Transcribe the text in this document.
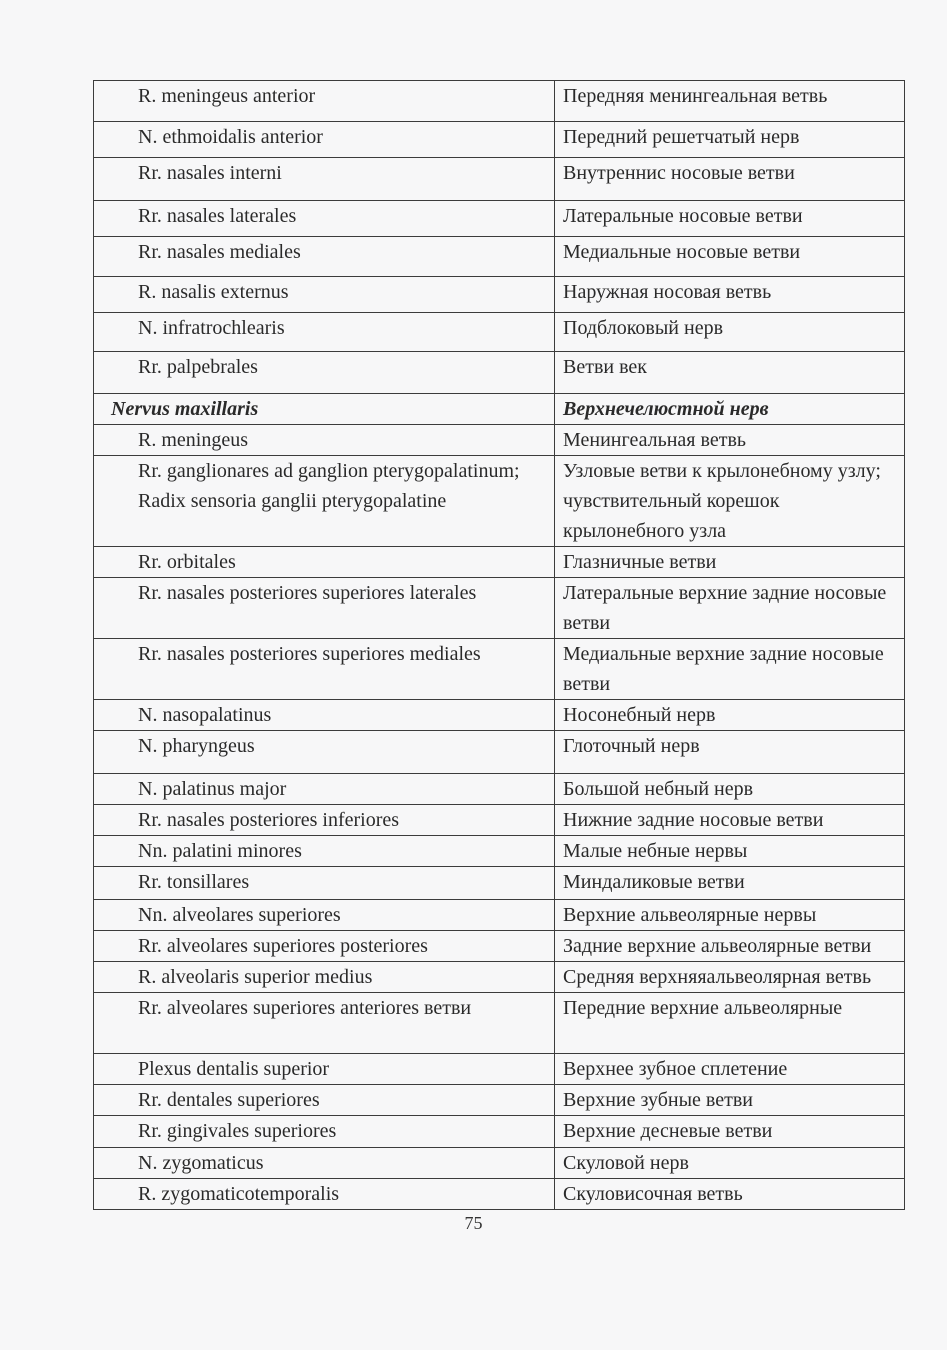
R. meningeus anterior	Передняя менингеальная ветвь
N. ethmoidalis anterior	Передний решетчатый нерв
Rr. nasales interni	Внутреннис носовые ветви
Rr. nasales laterales	Латеральные носовые ветви
Rr. nasales mediales	Медиальные носовые ветви
R. nasalis externus	Наружная носовая ветвь
N. infratrochlearis	Подблоковый нерв
Rr. palpebrales	Ветви век
Nervus maxillaris	Верхнечелюстной нерв
R. meningeus	Менингеальная ветвь
Rr. ganglionares ad ganglion pterygopalatinum;
Radix sensoria ganglii pterygopalatine	Узловые ветви к крылонебному узлу; чувствительный корешок крылонебного узла
Rr. orbitales	Глазничные ветви
Rr. nasales posteriores superiores laterales	Латеральные верхние задние носовые ветви
Rr. nasales posteriores superiores mediales	Медиальные верхние задние носовые ветви
N. nasopalatinus	Носонебный нерв
N. pharyngeus	Глоточный нерв
N. palatinus major	Большой небный нерв
Rr. nasales posteriores inferiores	Нижние задние носовые ветви
Nn. palatini minores	Малые небные нервы
Rr. tonsillares	Миндаликовые ветви
Nn. alveolares superiores	Верхние альвеолярные нервы
Rr. alveolares superiores posteriores	Задние верхние альвеолярные ветви
R. alveolaris superior medius	Средняя верхняяальвеолярная ветвь
Rr. alveolares superiores anteriores ветви	Передние верхние альвеолярные
Plexus dentalis superior	Верхнее зубное сплетение
Rr. dentales superiores	Верхние зубные ветви
Rr. gingivales superiores	Верхние десневые ветви
N. zygomaticus	Скуловой нерв
R. zygomaticotemporalis	Скуловисочная ветвь
75
